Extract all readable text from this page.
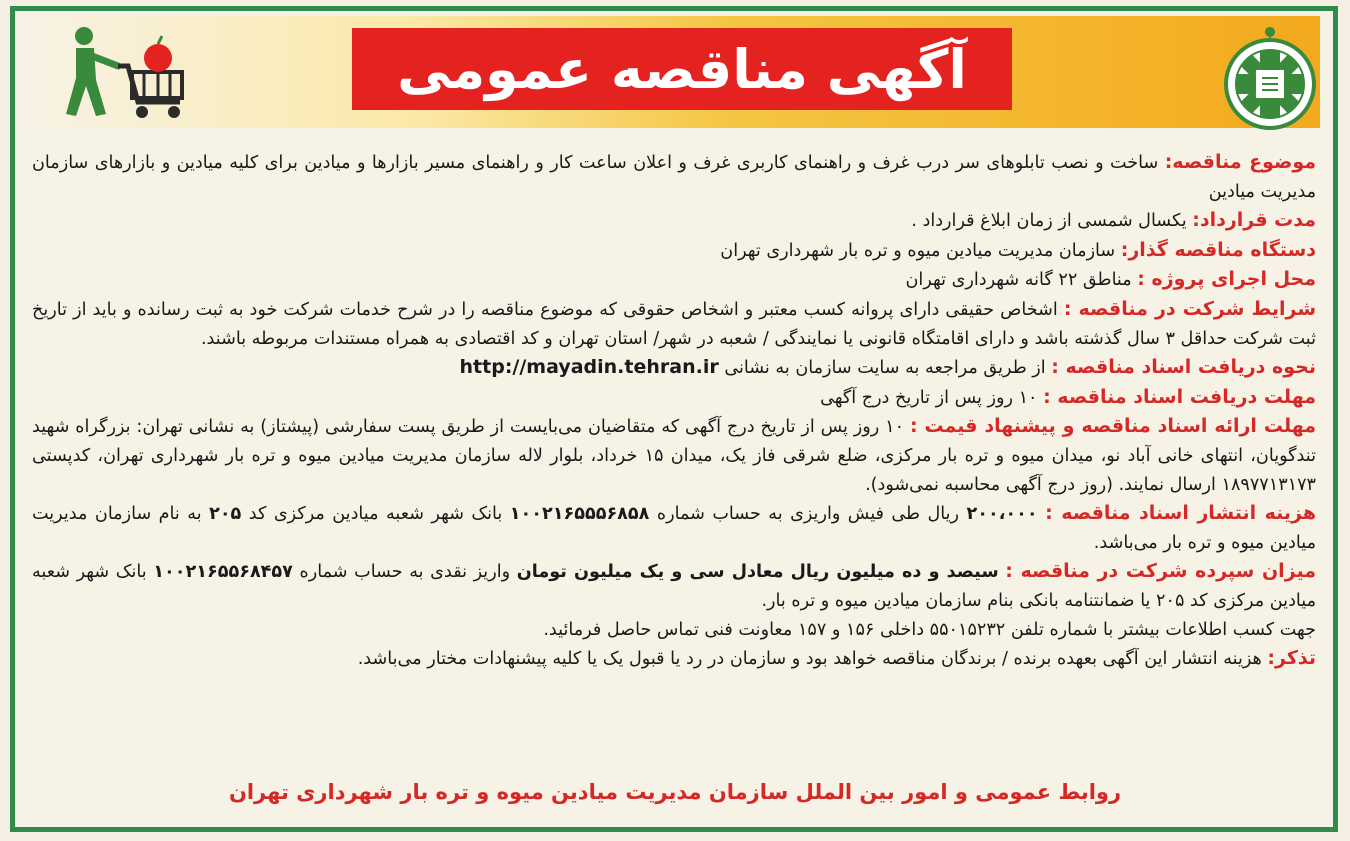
آگهی مناقصه عمومی

موضوع مناقصه: ساخت و نصب تابلوهای سر درب غرف و راهنمای کاربری غرف و اعلان ساعت کار و راهنمای مسیر بازارها و میادین برای کلیه میادین و بازارهای سازمان مدیریت میادین

مدت قرارداد: یکسال شمسی از زمان ابلاغ قرارداد .

دستگاه مناقصه گذار: سازمان مدیریت میادین میوه و تره بار شهرداری تهران

محل اجرای پروژه : مناطق ۲۲ گانه شهرداری تهران

شرایط شرکت در مناقصه : اشخاص حقیقی دارای پروانه کسب معتبر و اشخاص حقوقی که موضوع مناقصه را در شرح خدمات شرکت خود به ثبت رسانده و باید از تاریخ ثبت شرکت حداقل ۳ سال گذشته باشد و دارای اقامتگاه قانونی یا نمایندگی / شعبه در شهر/ استان تهران و کد اقتصادی به همراه مستندات مربوطه باشند.

نحوه دریافت اسناد مناقصه : از طریق مراجعه به سایت سازمان به نشانی http://mayadin.tehran.ir

مهلت دریافت اسناد مناقصه : ۱۰ روز پس از تاریخ درج آگهی

مهلت ارائه اسناد مناقصه و پیشنهاد قیمت : ۱۰ روز پس از تاریخ درج آگهی که متقاضیان می‌بایست از طریق پست سفارشی (پیشتاز) به نشانی تهران: بزرگراه شهید تندگویان، انتهای خانی آباد نو، میدان میوه و تره بار مرکزی، ضلع شرقی فاز یک، میدان ۱۵ خرداد، بلوار لاله سازمان مدیریت میادین میوه و تره بار شهرداری تهران، کدپستی ۱۸۹۷۷۱۳۱۷۳ ارسال نمایند. (روز درج آگهی محاسبه نمی‌شود).

هزینه انتشار اسناد مناقصه : ۲۰۰،۰۰۰ ریال طی فیش واریزی به حساب شماره ۱۰۰۲۱۶۵۵۵۶۸۵۸ بانک شهر شعبه میادین مرکزی کد ۲۰۵ به نام سازمان مدیریت میادین میوه و تره بار می‌باشد.

میزان سپرده شرکت در مناقصه : سیصد و ده میلیون ریال معادل سی و یک میلیون تومان واریز نقدی به حساب شماره ۱۰۰۲۱۶۵۵۶۸۴۵۷ بانک شهر شعبه میادین مرکزی کد ۲۰۵ یا ضمانتنامه بانکی بنام سازمان میادین میوه و تره بار.

جهت کسب اطلاعات بیشتر با شماره تلفن ۵۵۰۱۵۲۳۲ داخلی ۱۵۶ و ۱۵۷ معاونت فنی تماس حاصل فرمائید.

تذکر: هزینه انتشار این آگهی بعهده برنده / برندگان مناقصه خواهد بود و سازمان در رد یا قبول یک یا کلیه پیشنهادات مختار می‌باشد.

روابط عمومی و امور بین الملل سازمان مدیریت میادین میوه و تره بار شهرداری تهران
